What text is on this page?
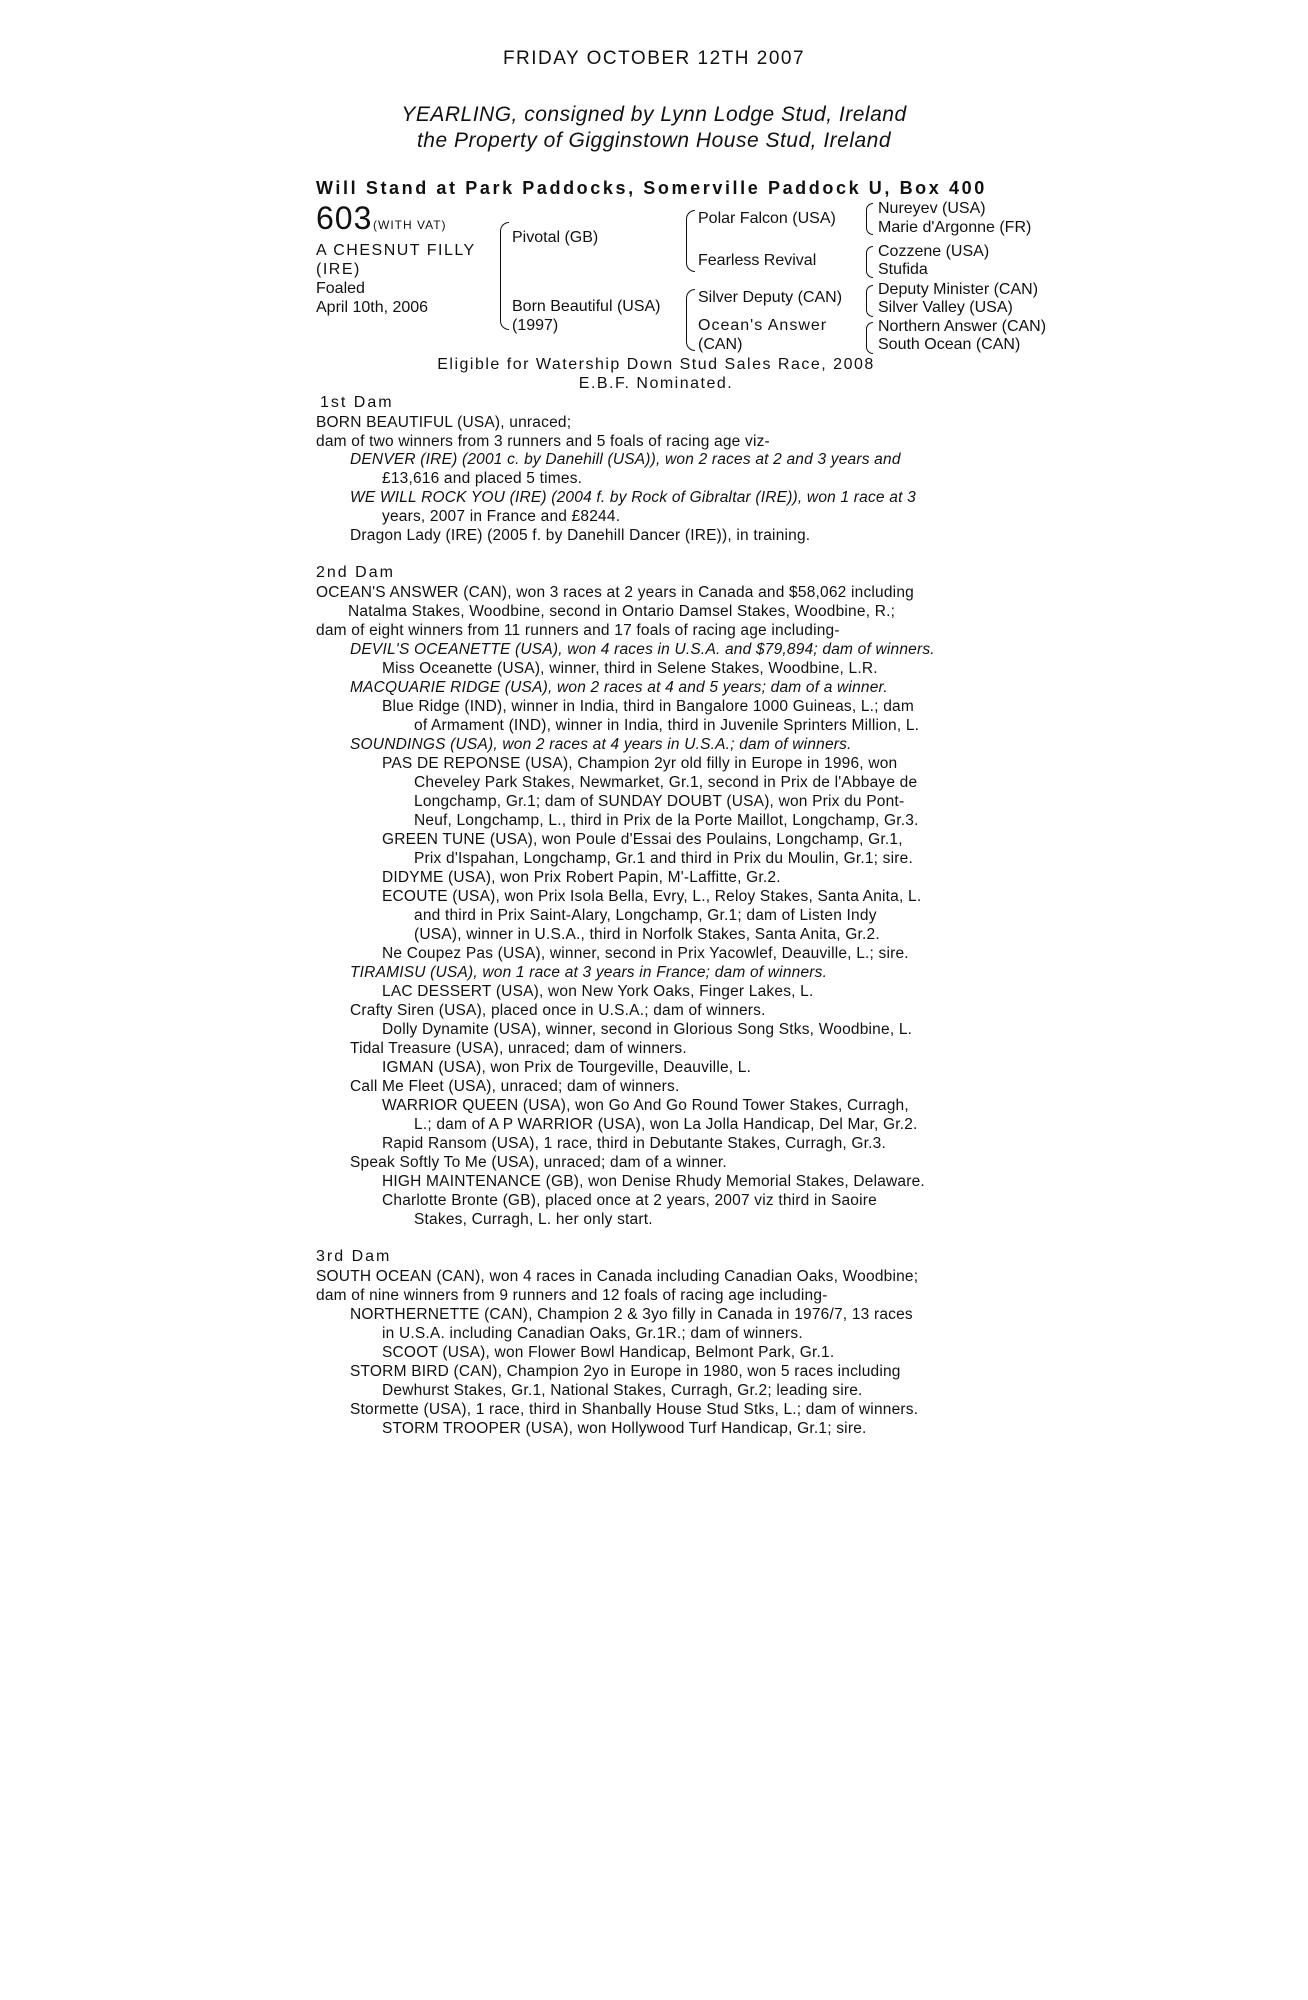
FRIDAY OCTOBER 12TH 2007
YEARLING, consigned by Lynn Lodge Stud, Ireland
the Property of Gigginstown House Stud, Ireland
Will Stand at Park Paddocks, Somerville Paddock U, Box 400
603 (WITH VAT)
A CHESNUT FILLY
(IRE)
Foaled
April 10th, 2006
Pivotal (GB)
Born Beautiful (USA)
(1997)
Polar Falcon (USA)
Fearless Revival
Silver Deputy (CAN)
Ocean's Answer
(CAN)
Nureyev (USA)
Marie d'Argonne (FR)
Cozzene (USA)
Stufida
Deputy Minister (CAN)
Silver Valley (USA)
Northern Answer (CAN)
South Ocean (CAN)
Eligible for Watership Down Stud Sales Race, 2008
E.B.F. Nominated.
1st Dam
BORN BEAUTIFUL (USA), unraced;
dam of two winners from 3 runners and 5 foals of racing age viz-
DENVER (IRE) (2001 c. by Danehill (USA)), won 2 races at 2 and 3 years and
£13,616 and placed 5 times.
WE WILL ROCK YOU (IRE) (2004 f. by Rock of Gibraltar (IRE)), won 1 race at 3
years, 2007 in France and £8244.
Dragon Lady (IRE) (2005 f. by Danehill Dancer (IRE)), in training.
2nd Dam
OCEAN'S ANSWER (CAN), won 3 races at 2 years in Canada and $58,062 including
Natalma Stakes, Woodbine, second in Ontario Damsel Stakes, Woodbine, R.;
dam of eight winners from 11 runners and 17 foals of racing age including-
DEVIL'S OCEANETTE (USA), won 4 races in U.S.A. and $79,894; dam of winners.
Miss Oceanette (USA), winner, third in Selene Stakes, Woodbine, L.R.
MACQUARIE RIDGE (USA), won 2 races at 4 and 5 years; dam of a winner.
Blue Ridge (IND), winner in India, third in Bangalore 1000 Guineas, L.; dam
of Armament (IND), winner in India, third in Juvenile Sprinters Million, L.
SOUNDINGS (USA), won 2 races at 4 years in U.S.A.; dam of winners.
PAS DE REPONSE (USA), Champion 2yr old filly in Europe in 1996, won
Cheveley Park Stakes, Newmarket, Gr.1, second in Prix de l'Abbaye de
Longchamp, Gr.1; dam of SUNDAY DOUBT (USA), won Prix du Pont-
Neuf, Longchamp, L., third in Prix de la Porte Maillot, Longchamp, Gr.3.
GREEN TUNE (USA), won Poule d'Essai des Poulains, Longchamp, Gr.1,
Prix d'Ispahan, Longchamp, Gr.1 and third in Prix du Moulin, Gr.1; sire.
DIDYME (USA), won Prix Robert Papin, M'-Laffitte, Gr.2.
ECOUTE (USA), won Prix Isola Bella, Evry, L., Reloy Stakes, Santa Anita, L.
and third in Prix Saint-Alary, Longchamp, Gr.1; dam of Listen Indy
(USA), winner in U.S.A., third in Norfolk Stakes, Santa Anita, Gr.2.
Ne Coupez Pas (USA), winner, second in Prix Yacowlef, Deauville, L.; sire.
TIRAMISU (USA), won 1 race at 3 years in France; dam of winners.
LAC DESSERT (USA), won New York Oaks, Finger Lakes, L.
Crafty Siren (USA), placed once in U.S.A.; dam of winners.
Dolly Dynamite (USA), winner, second in Glorious Song Stks, Woodbine, L.
Tidal Treasure (USA), unraced; dam of winners.
IGMAN (USA), won Prix de Tourgeville, Deauville, L.
Call Me Fleet (USA), unraced; dam of winners.
WARRIOR QUEEN (USA), won Go And Go Round Tower Stakes, Curragh,
L.; dam of A P WARRIOR (USA), won La Jolla Handicap, Del Mar, Gr.2.
Rapid Ransom (USA), 1 race, third in Debutante Stakes, Curragh, Gr.3.
Speak Softly To Me (USA), unraced; dam of a winner.
HIGH MAINTENANCE (GB), won Denise Rhudy Memorial Stakes, Delaware.
Charlotte Bronte (GB), placed once at 2 years, 2007 viz third in Saoire
Stakes, Curragh, L. her only start.
3rd Dam
SOUTH OCEAN (CAN), won 4 races in Canada including Canadian Oaks, Woodbine;
dam of nine winners from 9 runners and 12 foals of racing age including-
NORTHERNETTE (CAN), Champion 2 & 3yo filly in Canada in 1976/7, 13 races
in U.S.A. including Canadian Oaks, Gr.1R.; dam of winners.
SCOOT (USA), won Flower Bowl Handicap, Belmont Park, Gr.1.
STORM BIRD (CAN), Champion 2yo in Europe in 1980, won 5 races including
Dewhurst Stakes, Gr.1, National Stakes, Curragh, Gr.2; leading sire.
Stormette (USA), 1 race, third in Shanbally House Stud Stks, L.; dam of winners.
STORM TROOPER (USA), won Hollywood Turf Handicap, Gr.1; sire.
